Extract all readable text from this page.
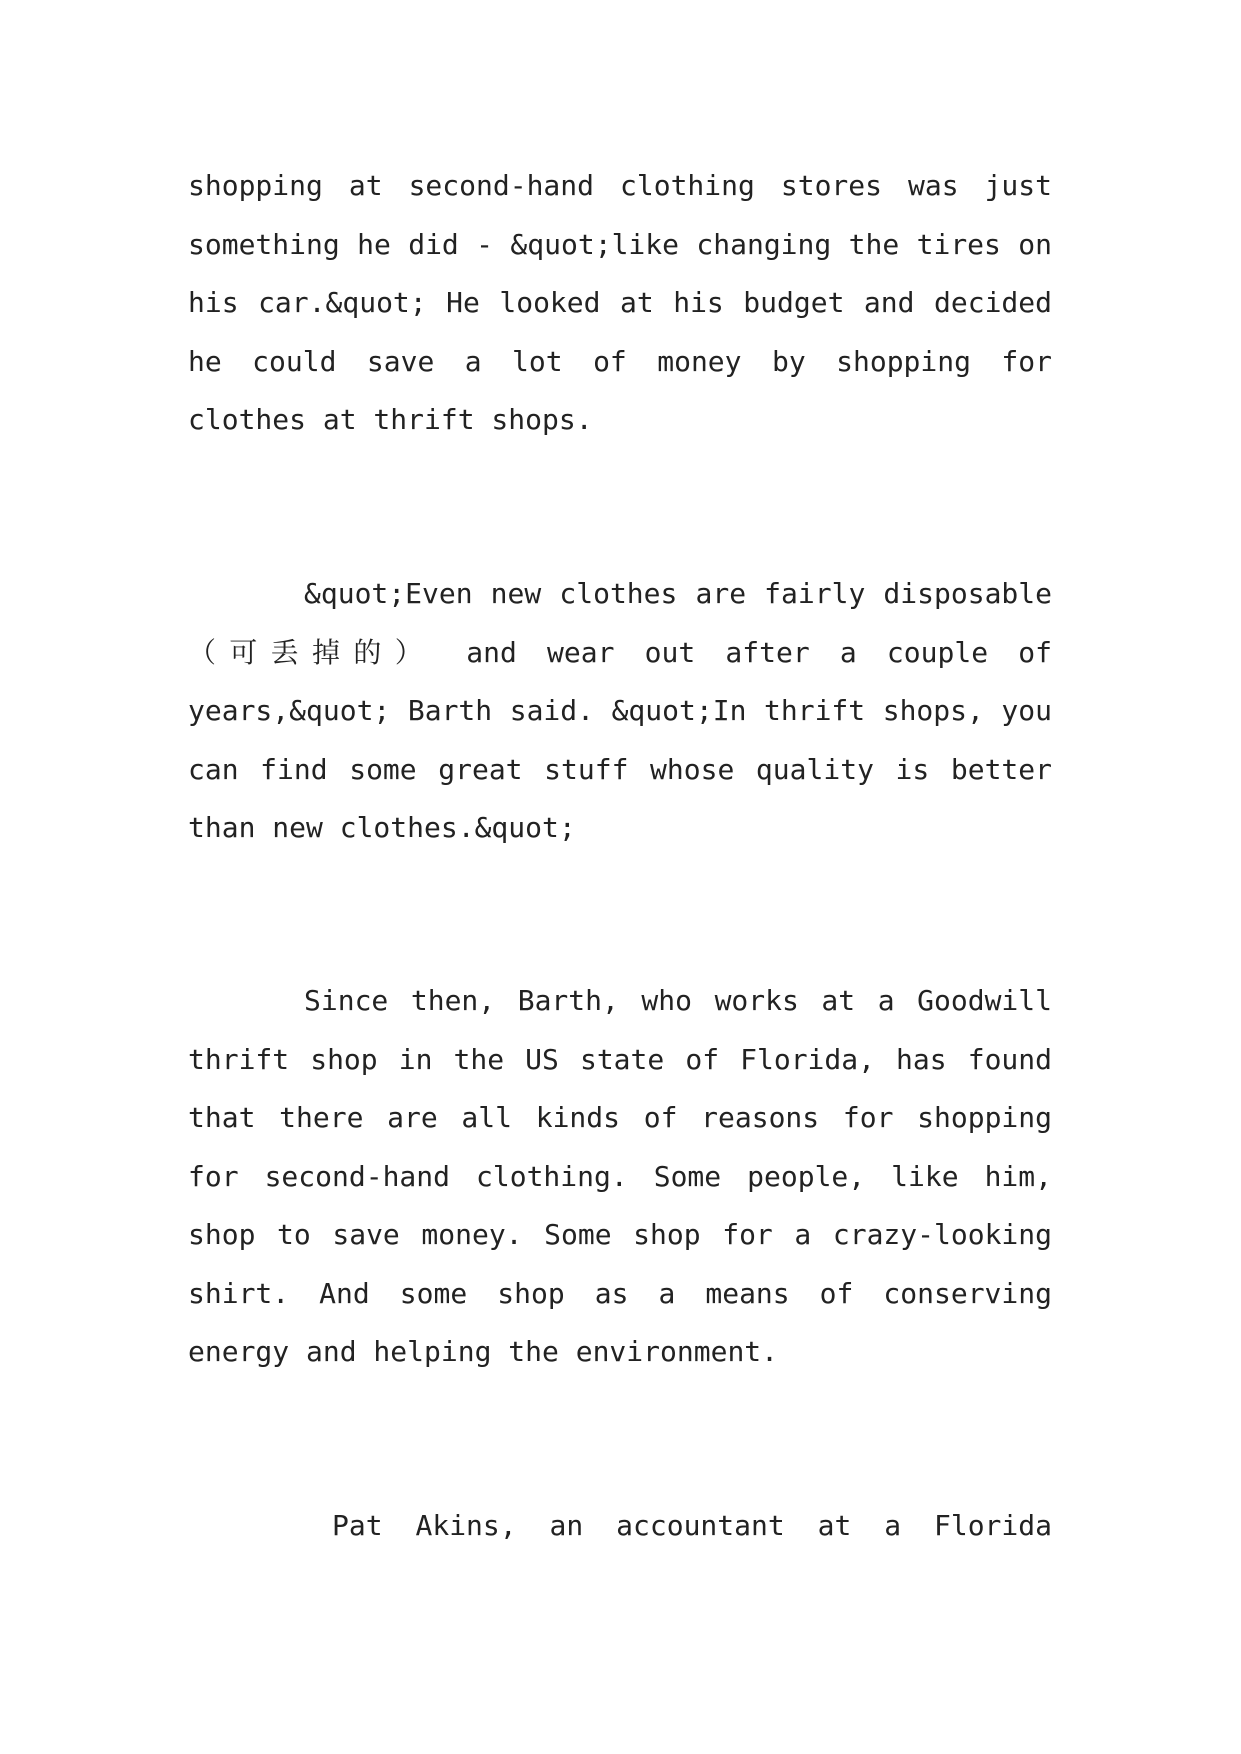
shopping at second-hand clothing stores was just
something he did - &quot;like changing the tires on
his car.&quot; He looked at his budget and decided
he could save a lot of money by shopping for
clothes at thrift shops.

&quot;Even new clothes are fairly disposable
（可丢掉的） and wear out after a couple of
years,&quot; Barth said. &quot;In thrift shops, you
can find some great stuff whose quality is better
than new clothes.&quot;

Since then, Barth, who works at a Goodwill
thrift shop in the US state of Florida, has found
that there are all kinds of reasons for shopping
for second-hand clothing. Some people, like him,
shop to save money. Some shop for a crazy-looking
shirt. And some shop as a means of conserving
energy and helping the environment.

Pat Akins, an accountant at a Florida
